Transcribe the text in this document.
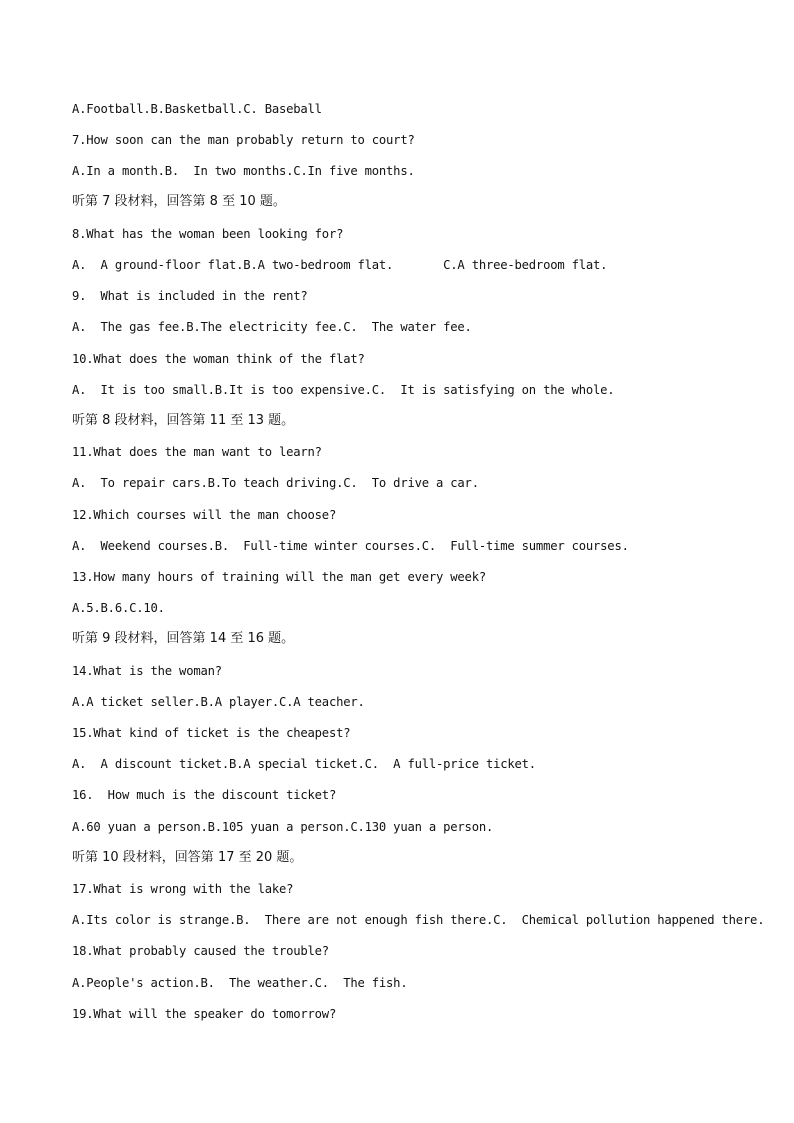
A.Football.B.Basketball.C. Baseball

7.How soon can the man probably return to court?

A.In a month.B.  In two months.C.In five months.

听第 7 段材料，回答第 8 至 10 题。

8.What has the woman been looking for?

A.  A ground-floor flat.B.A two-bedroom flat.       C.A three-bedroom flat.

9.  What is included in the rent?

A.  The gas fee.B.The electricity fee.C.  The water fee.

10.What does the woman think of the flat?

A.  It is too small.B.It is too expensive.C.  It is satisfying on the whole.

听第 8 段材料，回答第 11 至 13 题。

11.What does the man want to learn?

A.  To repair cars.B.To teach driving.C.  To drive a car.

12.Which courses will the man choose?

A.  Weekend courses.B.  Full-time winter courses.C.  Full-time summer courses.

13.How many hours of training will the man get every week?

A.5.B.6.C.10.

听第 9 段材料，回答第 14 至 16 题。

14.What is the woman?

A.A ticket seller.B.A player.C.A teacher.

15.What kind of ticket is the cheapest?

A.  A discount ticket.B.A special ticket.C.  A full-price ticket.

16.  How much is the discount ticket?

A.60 yuan a person.B.105 yuan a person.C.130 yuan a person.

听第 10 段材料，回答第 17 至 20 题。

17.What is wrong with the lake?

A.Its color is strange.B.  There are not enough fish there.C.  Chemical pollution happened there.

18.What probably caused the trouble?

A.People's action.B.  The weather.C.  The fish.

19.What will the speaker do tomorrow?
